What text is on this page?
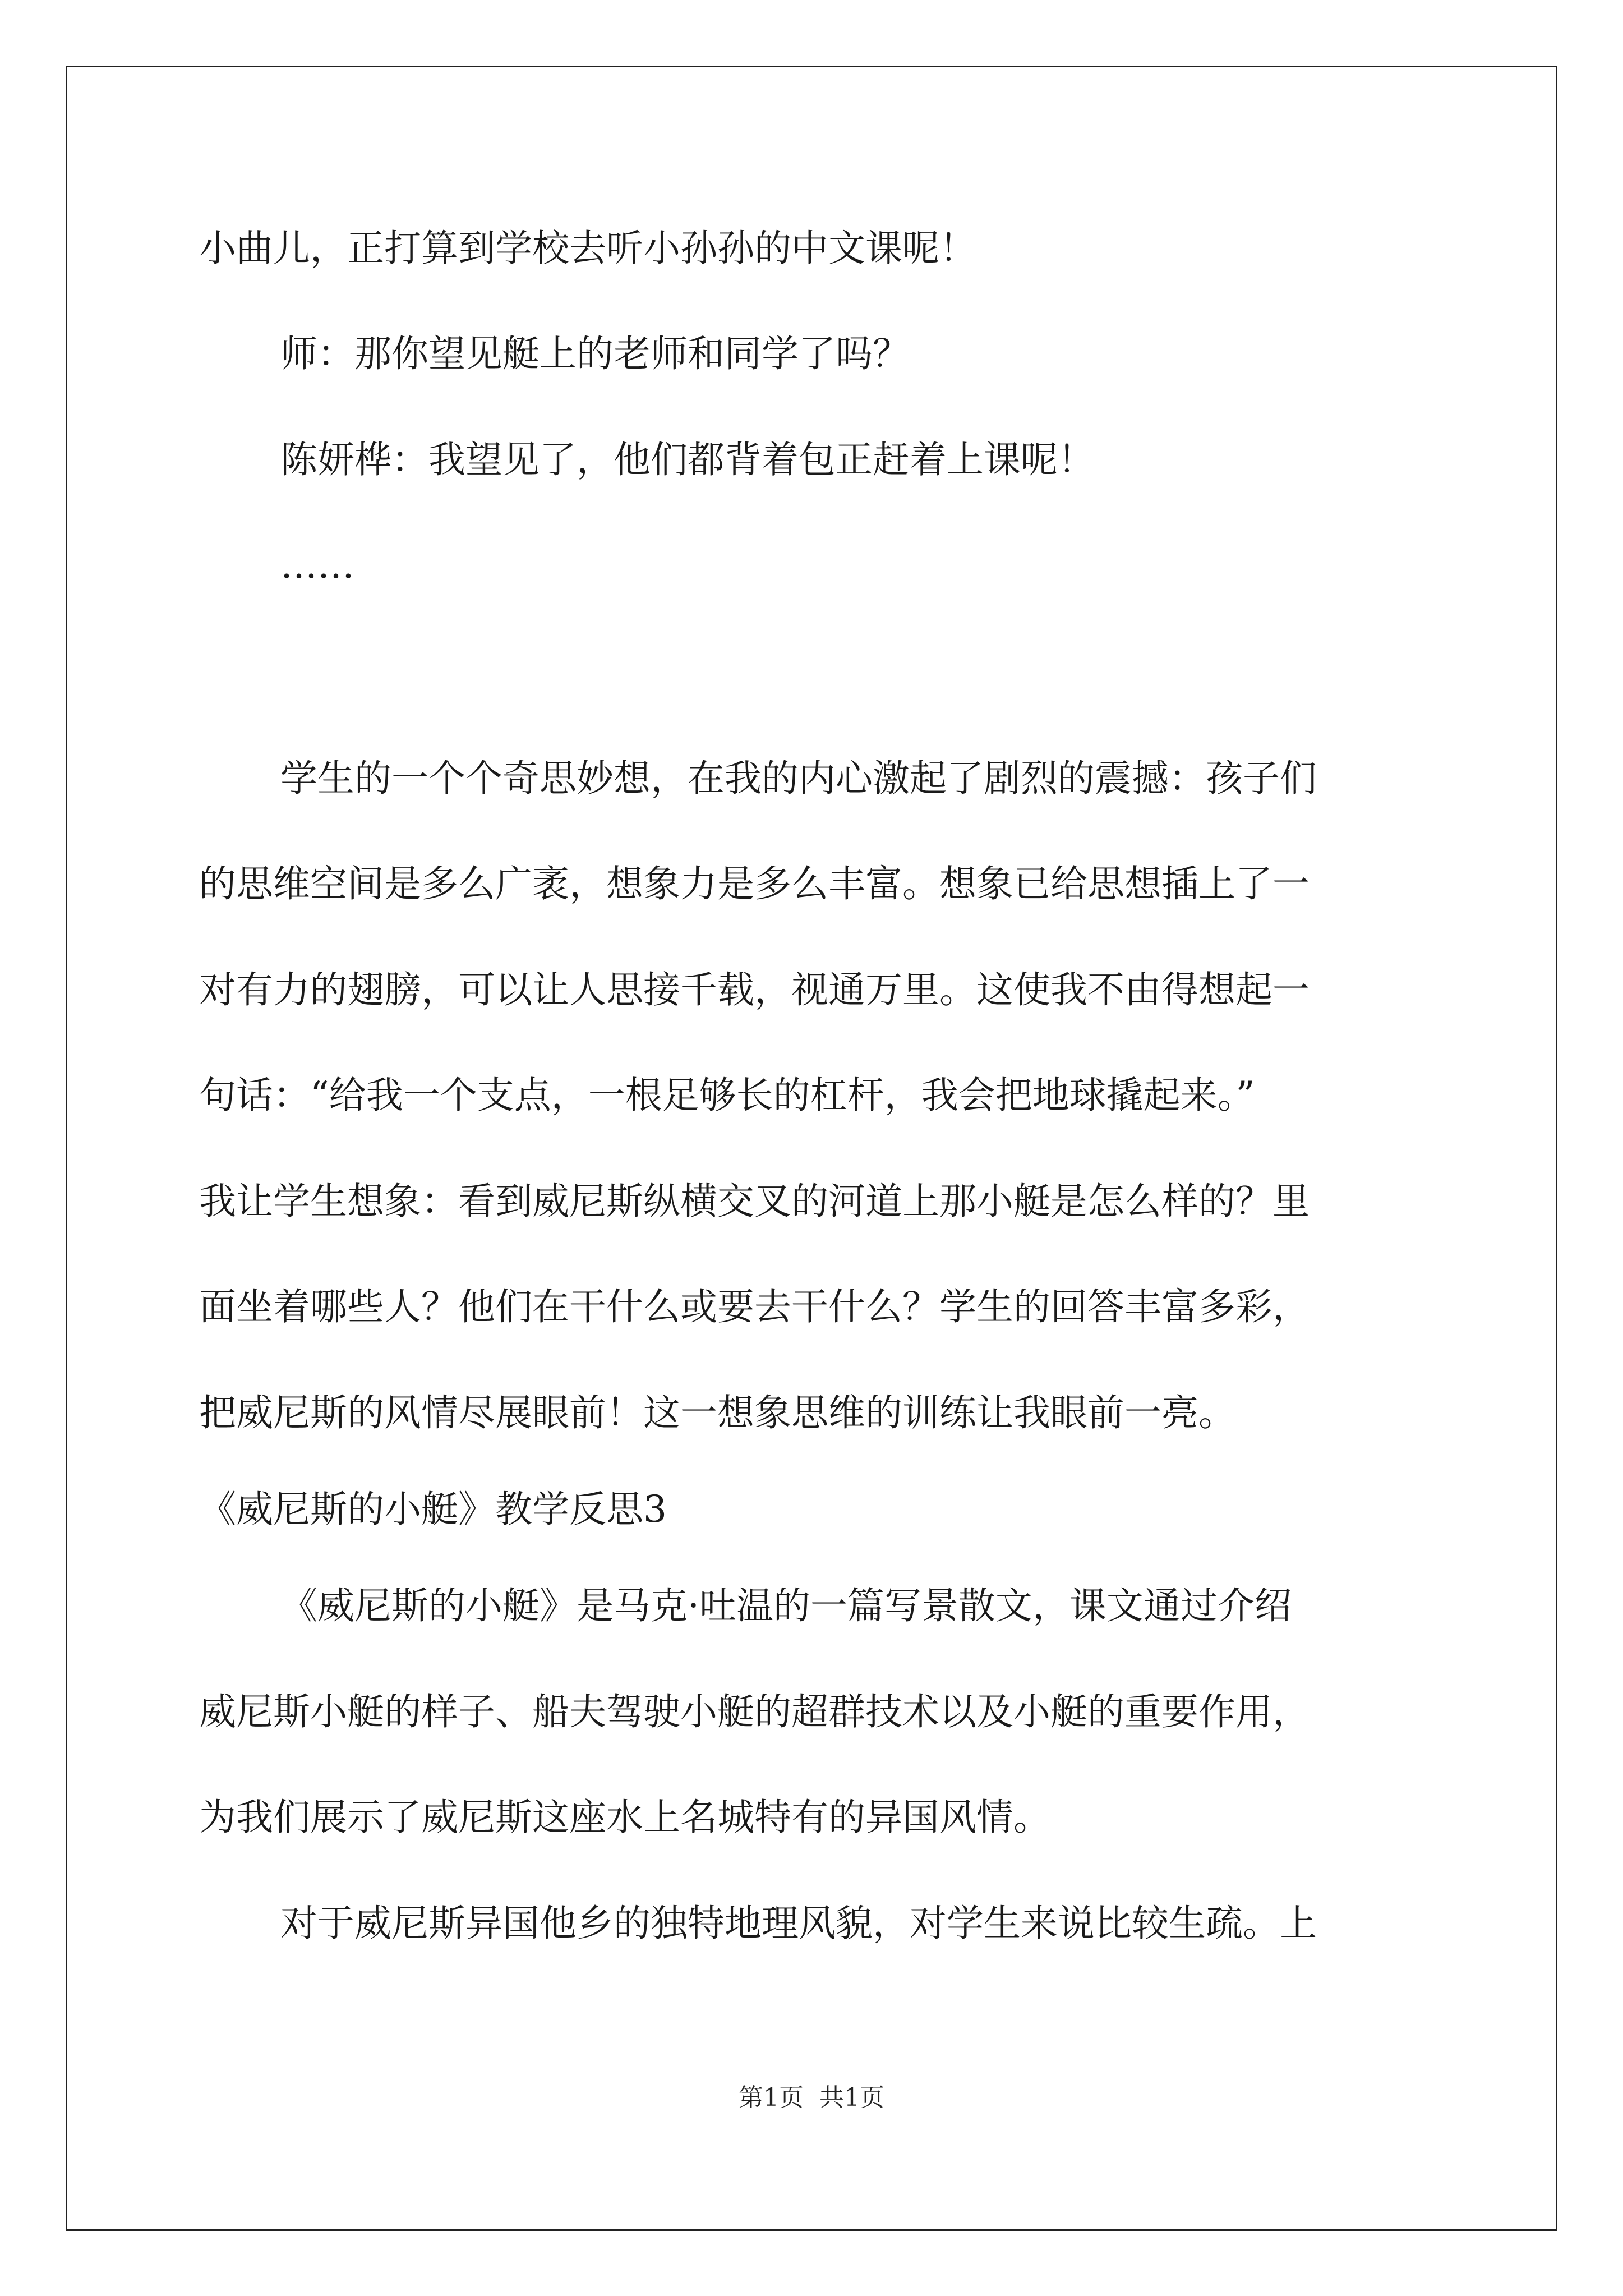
小曲儿，正打算到学校去听小孙孙的中文课呢！
师：那你望见艇上的老师和同学了吗？
陈妍桦：我望见了，他们都背着包正赶着上课呢！
……
学生的一个个奇思妙想，在我的内心激起了剧烈的震撼：孩子们
的思维空间是多么广袤，想象力是多么丰富。想象已给思想插上了一
对有力的翅膀，可以让人思接千载，视通万里。这使我不由得想起一
句话：“给我一个支点，一根足够长的杠杆，我会把地球撬起来。”
我让学生想象：看到威尼斯纵横交叉的河道上那小艇是怎么样的？里
面坐着哪些人？他们在干什么或要去干什么？学生的回答丰富多彩，
把威尼斯的风情尽展眼前！这一想象思维的训练让我眼前一亮。
《威尼斯的小艇》教学反思3
《威尼斯的小艇》是马克·吐温的一篇写景散文，课文通过介绍
威尼斯小艇的样子、船夫驾驶小艇的超群技术以及小艇的重要作用，
为我们展示了威尼斯这座水上名城特有的异国风情。
对于威尼斯异国他乡的独特地理风貌，对学生来说比较生疏。上
第1页  共1页
